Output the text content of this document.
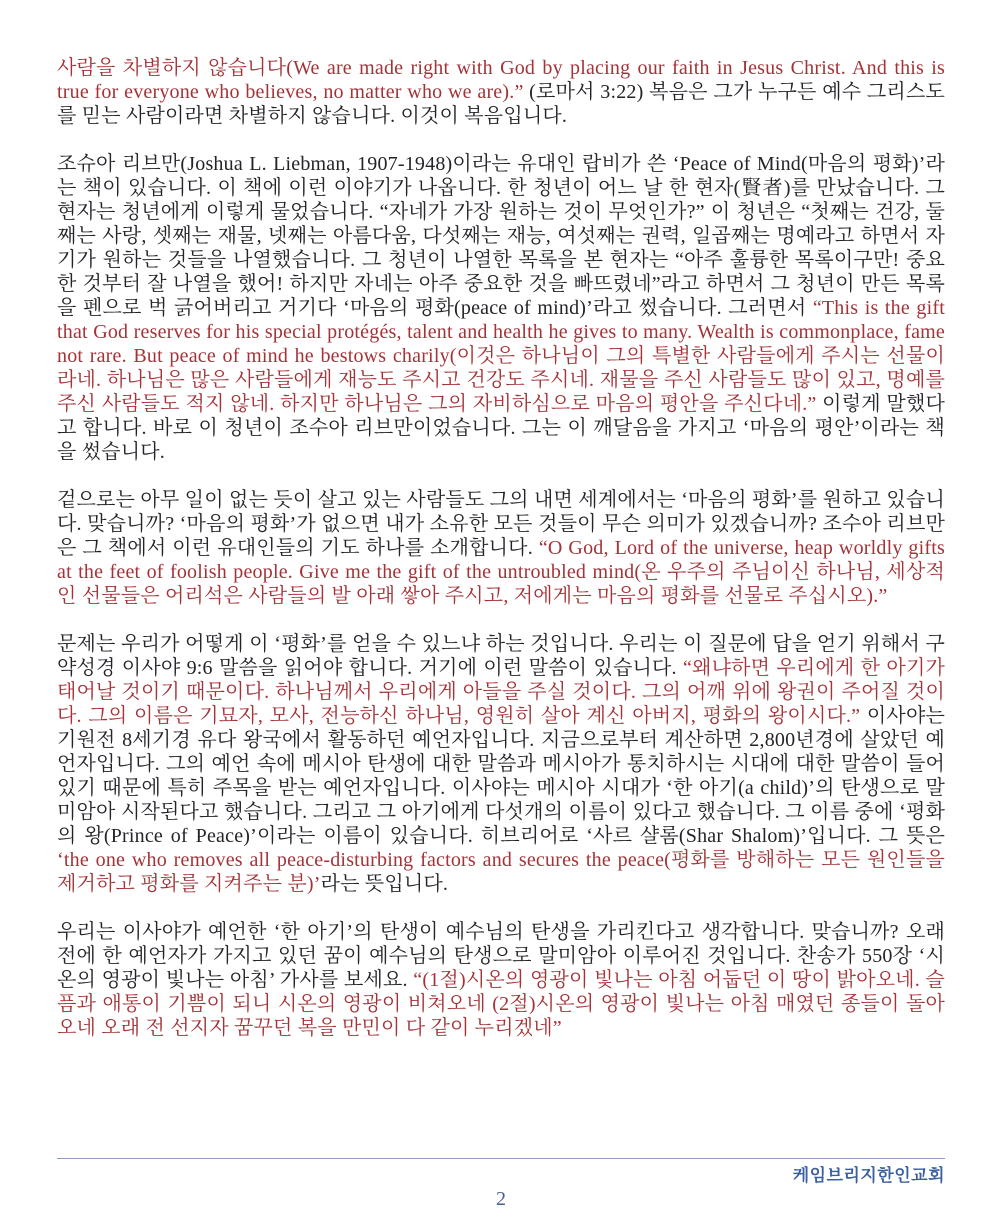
사람을 차별하지 않습니다(We are made right with God by placing our faith in Jesus Christ. And this is true for everyone who believes, no matter who we are).” (로마서 3:22) 복음은 그가 누구든 예수 그리스도를 믿는 사람이라면 차별하지 않습니다. 이것이 복음입니다.

조슈아 리브만(Joshua L. Liebman, 1907-1948)이라는 유대인 랍비가 쓴 ‘Peace of Mind(마음의 평화)’라는 책이 있습니다. 이 책에 이런 이야기가 나옵니다. 한 청년이 어느 날 한 현자(賢者)를 만났습니다. 그 현자는 청년에게 이렇게 물었습니다. “자네가 가장 원하는 것이 무엇인가?” 이 청년은 “첫째는 건강, 둘째는 사랑, 셋째는 재물, 넷째는 아름다움, 다섯째는 재능, 여섯째는 권력, 일곱째는 명예라고 하면서 자기가 원하는 것들을 나열했습니다. 그 청년이 나열한 목록을 본 현자는 “아주 훌륭한 목록이구만! 중요한 것부터 잘 나열을 했어! 하지만 자네는 아주 중요한 것을 빠뜨렸네”라고 하면서 그 청년이 만든 목록을 펜으로 벅 긁어버리고 거기다 ‘마음의 평화(peace of mind)’라고 썼습니다. 그러면서 “This is the gift that God reserves for his special protégés, talent and health he gives to many. Wealth is commonplace, fame not rare. But peace of mind he bestows charily(이것은 하나님이 그의 특별한 사람들에게 주시는 선물이라네. 하나님은 많은 사람들에게 재능도 주시고 건강도 주시네. 재물을 주신 사람들도 많이 있고, 명예를 주신 사람들도 적지 않네. 하지만 하나님은 그의 자비하심으로 마음의 평안을 주신다네.” 이렇게 말했다고 합니다. 바로 이 청년이 조수아 리브만이었습니다. 그는 이 깨달음을 가지고 ‘마음의 평안’이라는 책을 썼습니다.

겉으로는 아무 일이 없는 듯이 살고 있는 사람들도 그의 내면 세계에서는 ‘마음의 평화’를 원하고 있습니다. 맞습니까? ‘마음의 평화’가 없으면 내가 소유한 모든 것들이 무슨 의미가 있겠습니까? 조수아 리브만은 그 책에서 이런 유대인들의 기도 하나를 소개합니다. “O God, Lord of the universe, heap worldly gifts at the feet of foolish people. Give me the gift of the untroubled mind(온 우주의 주님이신 하나님, 세상적인 선물들은 어리석은 사람들의 발 아래 쌓아 주시고, 저에게는 마음의 평화를 선물로 주십시오).”

문제는 우리가 어떻게 이 ‘평화’를 얻을 수 있느냐 하는 것입니다. 우리는 이 질문에 답을 얻기 위해서 구약성경 이사야 9:6 말씀을 읽어야 합니다. 거기에 이런 말씀이 있습니다. “왜냐하면 우리에게 한 아기가 태어날 것이기 때문이다. 하나님께서 우리에게 아들을 주실 것이다. 그의 어깨 위에 왕권이 주어질 것이다. 그의 이름은 기묘자, 모사, 전능하신 하나님, 영원히 살아 계신 아버지, 평화의 왕이시다.” 이사야는 기원전 8세기경 유다 왕국에서 활동하던 예언자입니다. 지금으로부터 계산하면 2,800년경에 살았던 예언자입니다. 그의 예언 속에 메시아 탄생에 대한 말씀과 메시아가 통치하시는 시대에 대한 말씀이 들어 있기 때문에 특히 주목을 받는 예언자입니다. 이사야는 메시아 시대가 ‘한 아기(a child)’의 탄생으로 말미암아 시작된다고 했습니다. 그리고 그 아기에게 다섯개의 이름이 있다고 했습니다. 그 이름 중에 ‘평화의 왕(Prince of Peace)’이라는 이름이 있습니다. 히브리어로 ‘사르 샬롬(Shar Shalom)’입니다. 그 뜻은 ‘the one who removes all peace-disturbing factors and secures the peace(평화를 방해하는 모든 원인들을 제거하고 평화를 지켜주는 분)’라는 뜻입니다.

우리는 이사야가 예언한 ‘한 아기’의 탄생이 예수님의 탄생을 가리킨다고 생각합니다. 맞습니까? 오래 전에 한 예언자가 가지고 있던 꿈이 예수님의 탄생으로 말미암아 이루어진 것입니다. 찬송가 550장 ‘시온의 영광이 빛나는 아침’ 가사를 보세요. “(1절)시온의 영광이 빛나는 아침 어둡던 이 땅이 밝아오네. 슬픔과 애통이 기쁨이 되니 시온의 영광이 비쳐오네 (2절)시온의 영광이 빛나는 아침 매였던 종들이 돌아오네 오래 전 선지자 꿈꾸던 복을 만민이 다 같이 누리겠네”

케임브리지한인교회
2
